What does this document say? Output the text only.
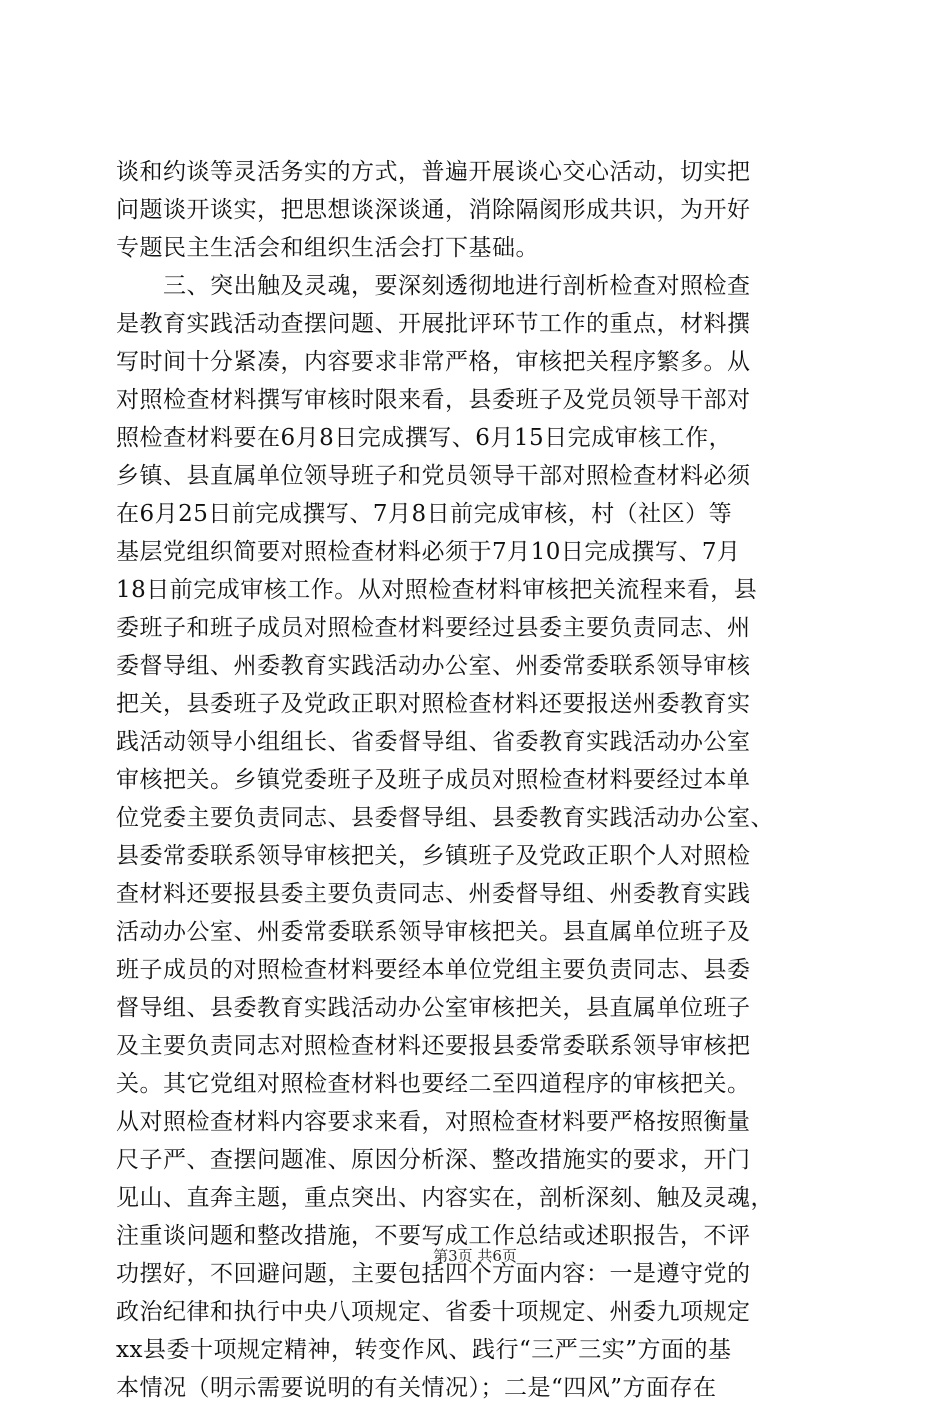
谈和约谈等灵活务实的方式，普遍开展谈心交心活动，切实把
问题谈开谈实，把思想谈深谈通，消除隔阂形成共识，为开好
专题民主生活会和组织生活会打下基础。
　　三、突出触及灵魂，要深刻透彻地进行剖析检查对照检查
是教育实践活动查摆问题、开展批评环节工作的重点，材料撰
写时间十分紧凑，内容要求非常严格，审核把关程序繁多。从
对照检查材料撰写审核时限来看，县委班子及党员领导干部对
照检查材料要在6月8日完成撰写、6月15日完成审核工作，
乡镇、县直属单位领导班子和党员领导干部对照检查材料必须
在6月25日前完成撰写、7月8日前完成审核，村（社区）等
基层党组织简要对照检查材料必须于7月10日完成撰写、7月
18日前完成审核工作。从对照检查材料审核把关流程来看，县
委班子和班子成员对照检查材料要经过县委主要负责同志、州
委督导组、州委教育实践活动办公室、州委常委联系领导审核
把关，县委班子及党政正职对照检查材料还要报送州委教育实
践活动领导小组组长、省委督导组、省委教育实践活动办公室
审核把关。乡镇党委班子及班子成员对照检查材料要经过本单
位党委主要负责同志、县委督导组、县委教育实践活动办公室、
县委常委联系领导审核把关，乡镇班子及党政正职个人对照检
查材料还要报县委主要负责同志、州委督导组、州委教育实践
活动办公室、州委常委联系领导审核把关。县直属单位班子及
班子成员的对照检查材料要经本单位党组主要负责同志、县委
督导组、县委教育实践活动办公室审核把关，县直属单位班子
及主要负责同志对照检查材料还要报县委常委联系领导审核把
关。其它党组对照检查材料也要经二至四道程序的审核把关。
从对照检查材料内容要求来看，对照检查材料要严格按照衡量
尺子严、查摆问题准、原因分析深、整改措施实的要求，开门
见山、直奔主题，重点突出、内容实在，剖析深刻、触及灵魂，
注重谈问题和整改措施，不要写成工作总结或述职报告，不评
功摆好，不回避问题，主要包括四个方面内容：一是遵守党的
政治纪律和执行中央八项规定、省委十项规定、州委九项规定
xx县委十项规定精神，转变作风、践行“三严三实”方面的基
本情况（明示需要说明的有关情况）；二是“四风”方面存在
第3页 共6页
